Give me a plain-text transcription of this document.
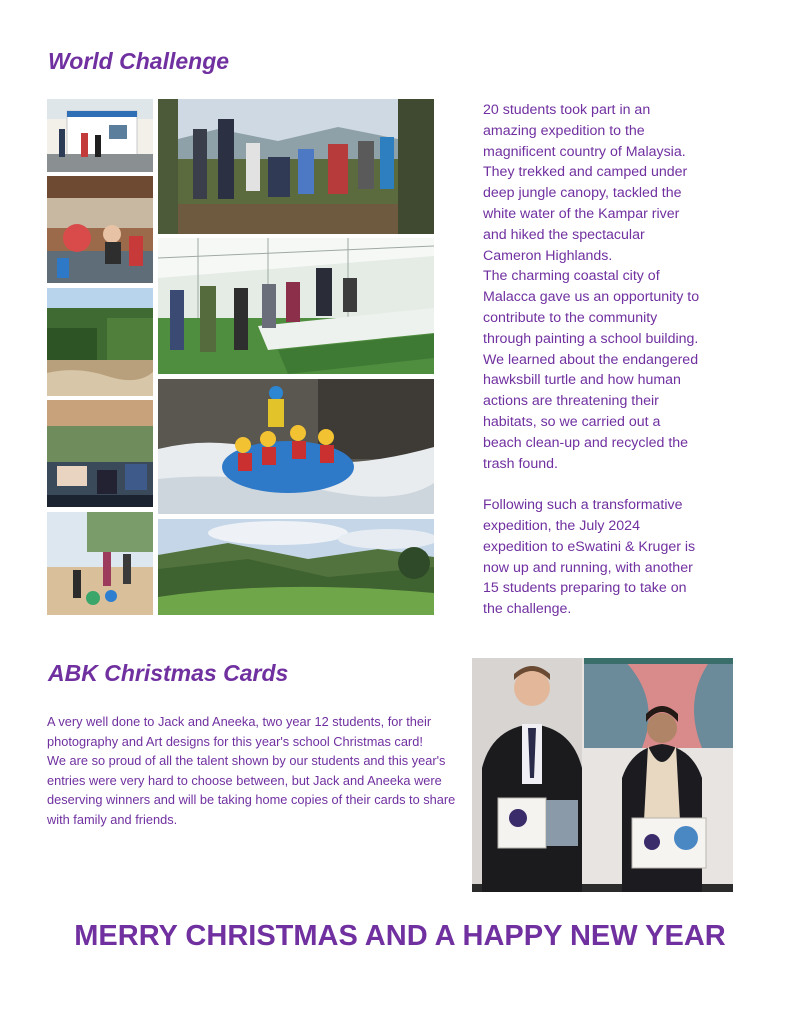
World Challenge

20 students took part in an
amazing expedition to the
magnificent country of Malaysia.
They trekked and camped under
deep jungle canopy, tackled the
white water of the Kampar river
and hiked the spectacular
Cameron Highlands.
The charming coastal city of
Malacca gave us an opportunity to
contribute to the community
through painting a school building.
We learned about the endangered
hawksbill turtle and how human
actions are threatening their
habitats, so we carried out a
beach clean-up and recycled the
trash found.

Following such a transformative
expedition, the July 2024
expedition to eSwatini & Kruger is
now up and running, with another
15 students preparing to take on
the challenge.

ABK Christmas Cards

A very well done to Jack and Aneeka, two year 12 students, for their photography and Art designs for this year's school Christmas card!

We are so proud of all the talent shown by our students and this year's entries were very hard to choose between, but Jack and Aneeka were deserving winners and will be taking home copies of their cards to share with family and friends.

MERRY CHRISTMAS AND A HAPPY NEW YEAR
